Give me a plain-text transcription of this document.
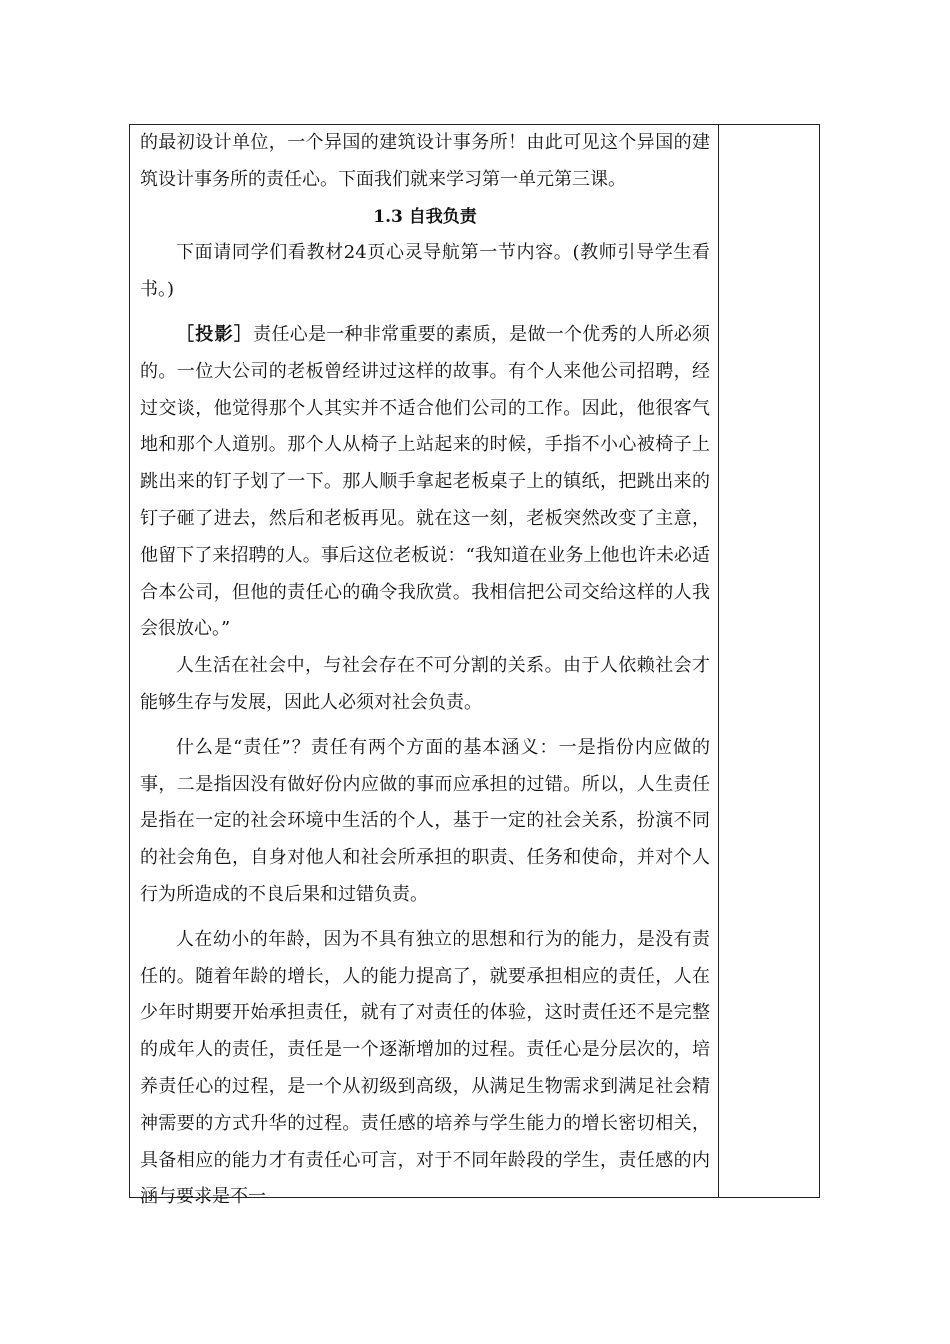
的最初设计单位，一个异国的建筑设计事务所！由此可见这个异国的建筑设计事务所的责任心。下面我们就来学习第一单元第三课。

1.3 自我负责

下面请同学们看教材24页心灵导航第一节内容。(教师引导学生看书。)

［投影］责任心是一种非常重要的素质，是做一个优秀的人所必须的。一位大公司的老板曾经讲过这样的故事。有个人来他公司招聘，经过交谈，他觉得那个人其实并不适合他们公司的工作。因此，他很客气地和那个人道别。那个人从椅子上站起来的时候，手指不小心被椅子上跳出来的钉子划了一下。那人顺手拿起老板桌子上的镇纸，把跳出来的钉子砸了进去，然后和老板再见。就在这一刻，老板突然改变了主意，他留下了来招聘的人。事后这位老板说：“我知道在业务上他也许未必适合本公司，但他的责任心的确令我欣赏。我相信把公司交给这样的人我会很放心。”

人生活在社会中，与社会存在不可分割的关系。由于人依赖社会才能够生存与发展，因此人必须对社会负责。

什么是“责任”？责任有两个方面的基本涵义：一是指份内应做的事，二是指因没有做好份内应做的事而应承担的过错。所以，人生责任是指在一定的社会环境中生活的个人，基于一定的社会关系，扮演不同的社会角色，自身对他人和社会所承担的职责、任务和使命，并对个人行为所造成的不良后果和过错负责。

人在幼小的年龄，因为不具有独立的思想和行为的能力，是没有责任的。随着年龄的增长，人的能力提高了，就要承担相应的责任，人在少年时期要开始承担责任，就有了对责任的体验，这时责任还不是完整的成年人的责任，责任是一个逐渐增加的过程。责任心是分层次的，培养责任心的过程，是一个从初级到高级，从满足生物需求到满足社会精神需要的方式升华的过程。责任感的培养与学生能力的增长密切相关，具备相应的能力才有责任心可言，对于不同年龄段的学生，责任感的内涵与要求是不一
